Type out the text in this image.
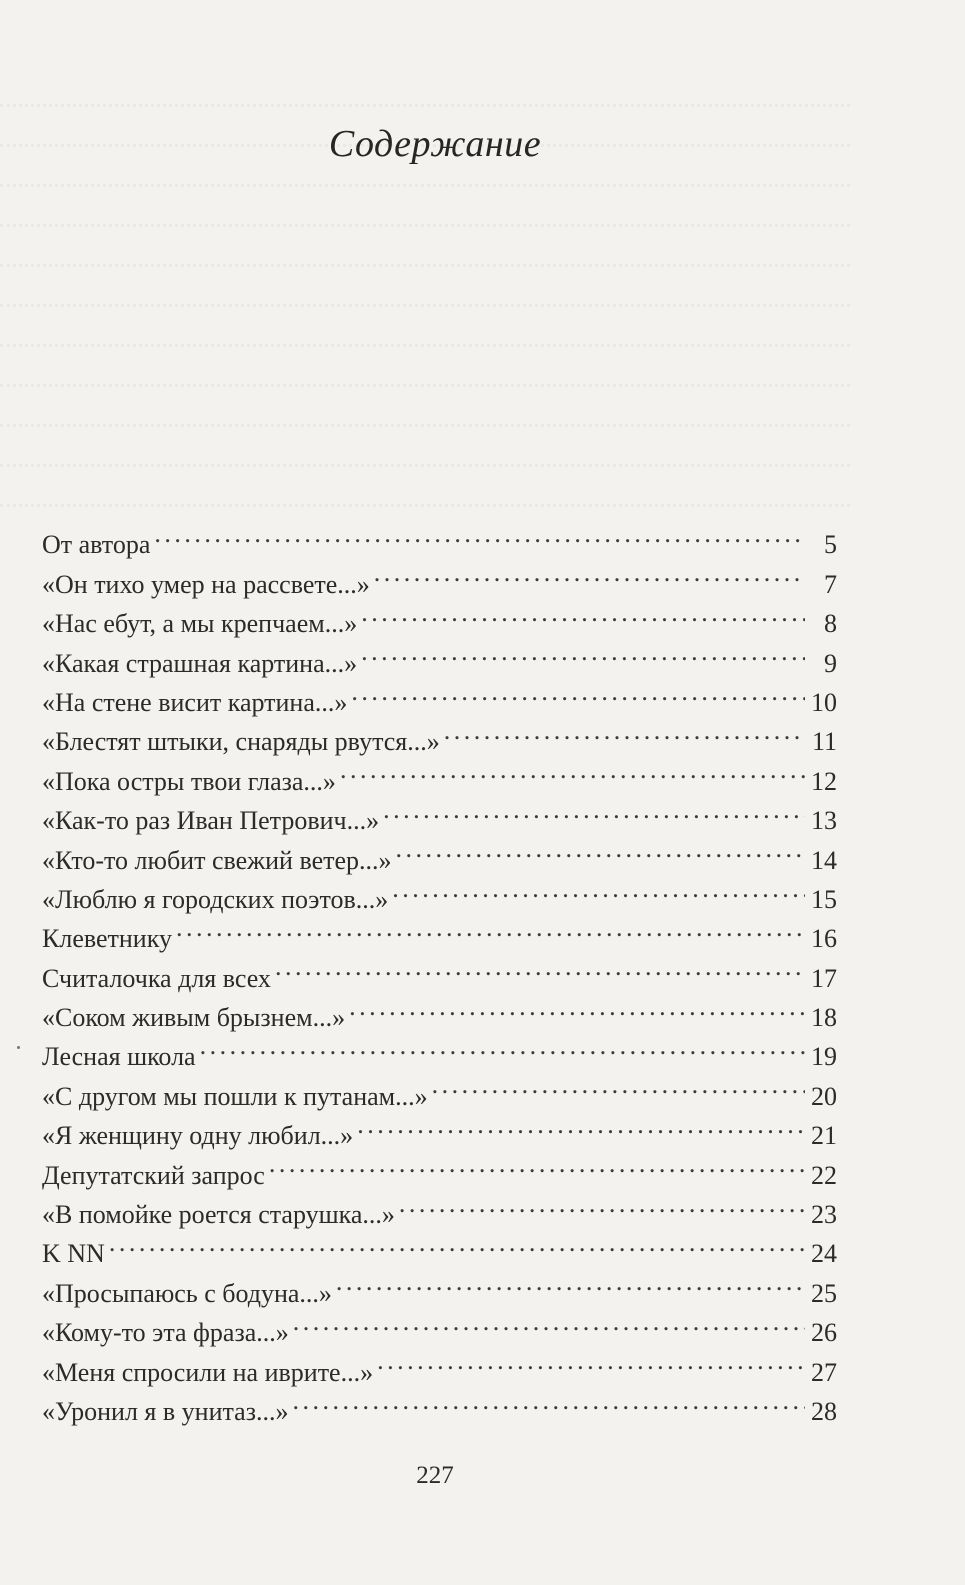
Содержание
От автора . . .	5
«Он тихо умер на рассвете...» . . .	7
«Нас ебут, а мы крепчаем...» . . .	8
«Какая страшная картина...» . . .	9
«На стене висит картина...» . . .	10
«Блестят штыки, снаряды рвутся...» . . .	11
«Пока остры твои глаза...» . . .	12
«Как-то раз Иван Петрович...» . . .	13
«Кто-то любит свежий ветер...» . . .	14
«Люблю я городских поэтов...» . . .	15
Клеветнику . . .	16
Считалочка для всех . . .	17
«Соком живым брызнем...» . . .	18
Лесная школа . . .	19
«С другом мы пошли к путанам...» . . .	20
«Я женщину одну любил...» . . .	21
Депутатский запрос . . .	22
«В помойке роется старушка...» . . .	23
K NN . . .	24
«Просыпаюсь с бодуна...» . . .	25
«Кому-то эта фраза...» . . .	26
«Меня спросили на иврите...» . . .	27
«Уронил я в унитаз...» . . .	28
227
